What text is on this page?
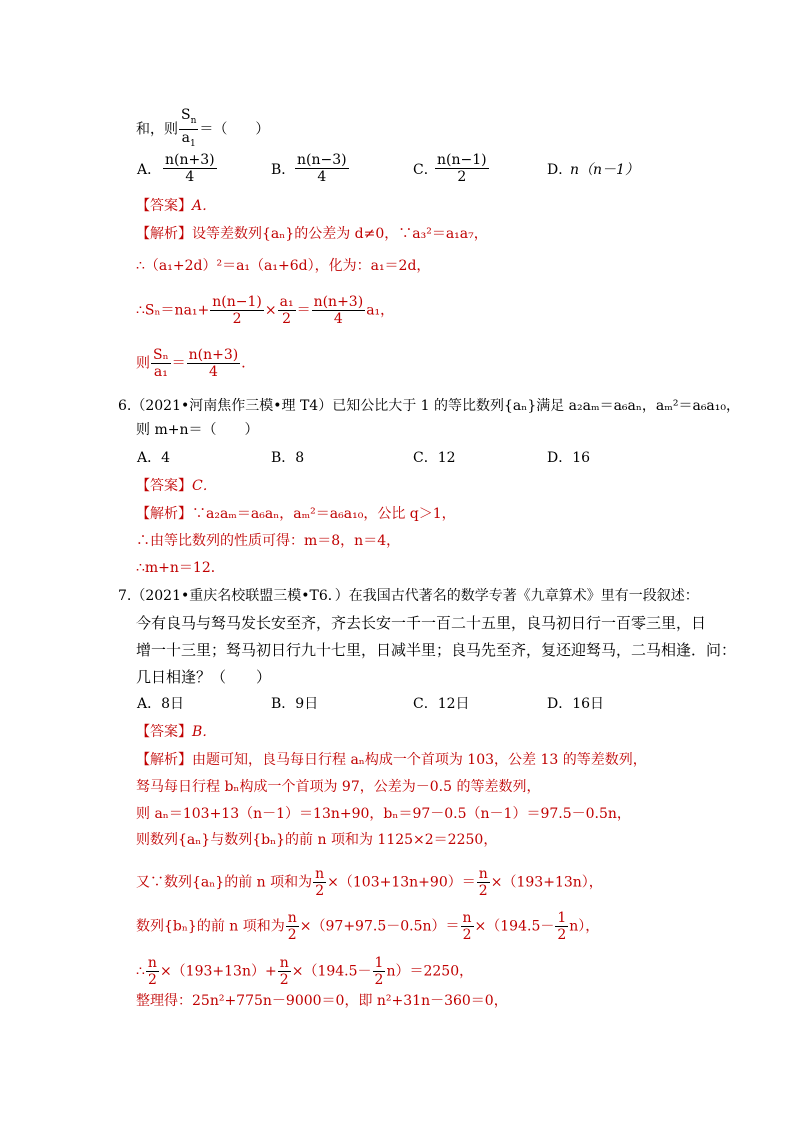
和，则 $\frac{S_n}{a_1}$ ＝（　　）
A． $\frac{n(n+3)}{4}$	B． $\frac{n(n-3)}{4}$	C．
$\frac{n(n-1)}{2}$	D．
n（n－1）
【答案】A．
【解析】设等差数列{aₙ}的公差为 d≠0，∵a₃²＝a₁a₇，
∴（a₁+2d）²＝a₁（a₁+6d），化为：a₁＝2d，
∴Sₙ＝na₁+ $\frac{n(n-1)}{2} \times \frac{\text{a₁}}{2} = \frac{n(n+3)}{4} a_1$，
则 $\frac{\text{Sₙ}}{\text{a₁}} = \frac{n(n+3)}{4}$ ．
6.（2021•河南焦作三模•理 T4）已知公比大于 1 的等比数列{aₙ}满足 a₂aₘ＝a₆aₙ，aₘ²＝a₆a₁₀，
则 m+n＝（　　）
A．4	B．8	C．12	D．16
【答案】C．
【解析】∵a₂aₘ＝a₆aₙ，aₘ²＝a₆a₁₀，公比 q＞1，
∴由等比数列的性质可得：m＝8，n＝4，
∴m+n＝12．
7.（2021•重庆名校联盟三模•T6．）在我国古代著名的数学专著《九章算术》里有一段叙述：
今有良马与驽马发长安至齐，齐去长安一千一百二十五里，良马初日行一百零三里，日
增一十三里；驽马初日行九十七里，日减半里；良马先至齐，复还迎驽马，二马相逢．问：
几日相逢？（　　）
A．8日	B．9日	C．12日	D．16日
【答案】B．
【解析】由题可知，良马每日行程 aₙ构成一个首项为 103，公差 13 的等差数列，
驽马每日行程 bₙ构成一个首项为 97，公差为－0.5 的等差数列，
则 aₙ＝103+13（n－1）＝13n+90，bₙ＝97－0.5（n－1）＝97.5－0.5n，
则数列{aₙ}与数列{bₙ}的前 n 项和为 1125×2＝2250，
又∵数列{aₙ}的前 n 项和为 $\frac{n}{2} \times(103+13n+90)= \frac{n}{2} \times(193+13n)$，
数列{bₙ}的前 n 项和为 $\frac{n}{2} \times(97+97.5-0.5n)= \frac{n}{2} \times(194.5- \frac{1}{2} n)$，
∴ $\frac{n}{2} \times(193+13n)+ \frac{n}{2} \times(194.5- \frac{1}{2} n)=2250$，
整理得：25n²+775n－9000＝0，即 n²+31n－360＝0，
